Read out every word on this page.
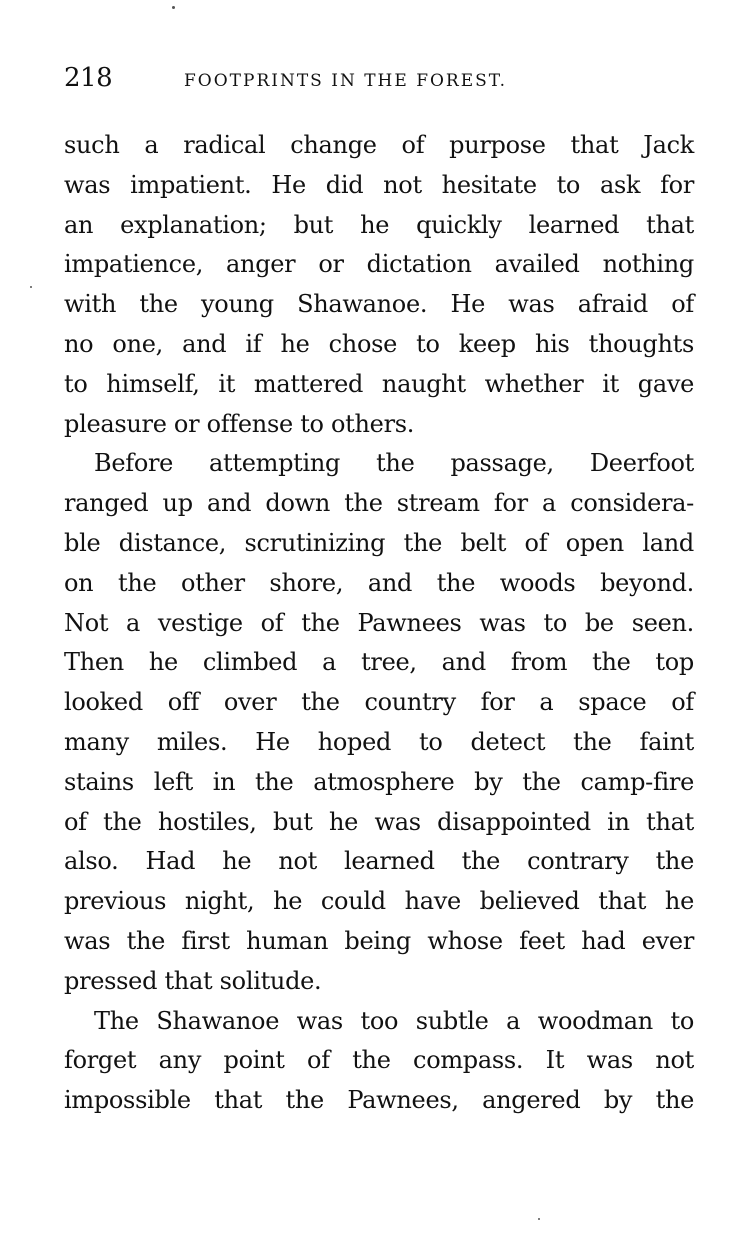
218	FOOTPRINTS IN THE FOREST.
such a radical change of purpose that Jack
was impatient. He did not hesitate to ask for
an explanation; but he quickly learned that
impatience, anger or dictation availed nothing
with the young Shawanoe. He was afraid of
no one, and if he chose to keep his thoughts
to himself, it mattered naught whether it gave
pleasure or offense to others.
Before attempting the passage, Deerfoot
ranged up and down the stream for a considera-
ble distance, scrutinizing the belt of open land
on the other shore, and the woods beyond.
Not a vestige of the Pawnees was to be seen.
Then he climbed a tree, and from the top
looked off over the country for a space of
many miles. He hoped to detect the faint
stains left in the atmosphere by the camp-fire
of the hostiles, but he was disappointed in that
also. Had he not learned the contrary the
previous night, he could have believed that he
was the first human being whose feet had ever
pressed that solitude.
The Shawanoe was too subtle a woodman to
forget any point of the compass. It was not
impossible that the Pawnees, angered by the
